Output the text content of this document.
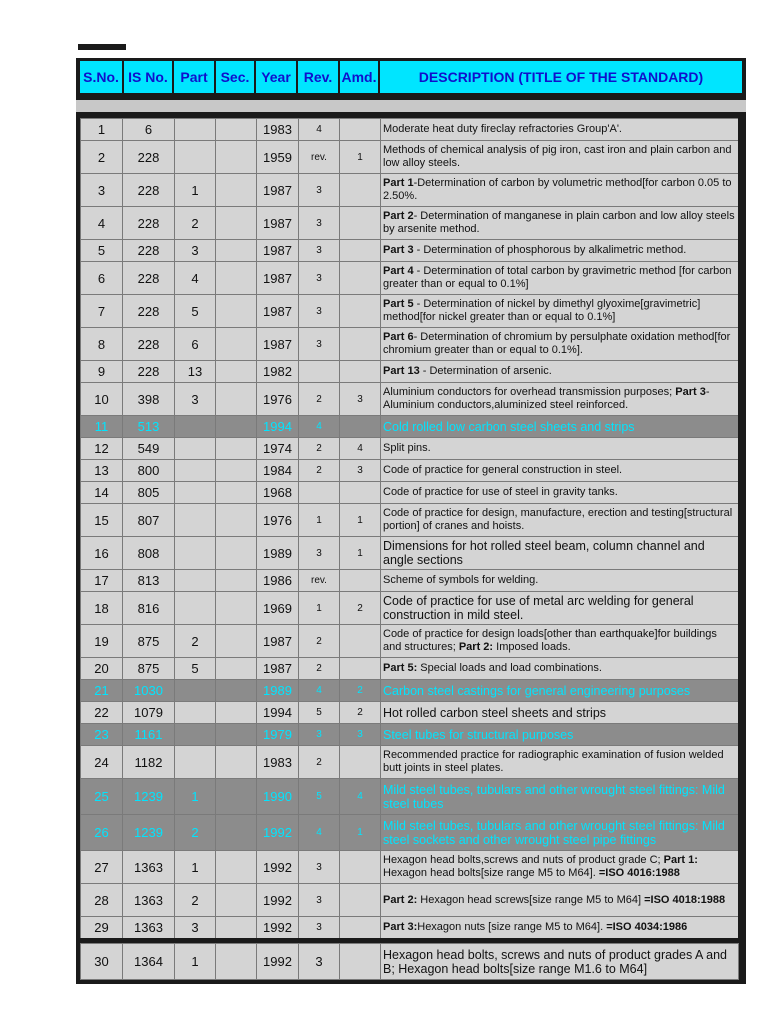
S.No. IS No. Part Sec. Year Rev. Amd.	DESCRIPTION (TITLE OF THE STANDARD)
1	6			1983	4		Moderate heat duty fireclay refractories Group'A'.
2	228			1959	rev.	1	Methods of chemical analysis of pig iron, cast iron and plain carbon and low alloy steels.
3	228	1		1987	3		Part 1-Determination of carbon by volumetric method[for carbon 0.05 to 2.50%.
4	228	2		1987	3		Part 2- Determination of manganese in plain carbon and low alloy steels by arsenite method.
5	228	3		1987	3		Part 3 - Determination of phosphorous by alkalimetric method.
6	228	4		1987	3		Part 4 - Determination of total carbon by gravimetric method [for carbon greater than or equal to 0.1%]
7	228	5		1987	3		Part 5 - Determination of nickel by dimethyl glyoxime[gravimetric] method[for nickel greater than or equal to 0.1%]
8	228	6		1987	3		Part 6- Determination of chromium by persulphate oxidation method[for chromium greater than or equal to 0.1%].
9	228	13		1982			Part 13 - Determination of arsenic.
10	398	3		1976	2	3	Aluminium conductors for overhead transmission purposes; Part 3- Aluminium conductors,aluminized steel reinforced.
11	513			1994	4		Cold rolled low carbon steel sheets and strips
12	549			1974	2	4	Split pins.
13	800			1984	2	3	Code of practice for general construction in steel.
14	805			1968			Code of practice for use of steel in gravity tanks.
15	807			1976	1	1	Code of practice for design, manufacture, erection and testing[structural portion] of cranes and hoists.
16	808			1989	3	1	Dimensions for hot rolled steel beam, column channel and angle sections
17	813			1986	rev.		Scheme of symbols for welding.
18	816			1969	1	2	Code of practice for use of metal arc welding for general construction in mild steel.
19	875	2		1987	2		Code of practice for design loads[other than earthquake]for buildings and structures; Part 2: Imposed loads.
20	875	5		1987	2		Part 5: Special loads and load combinations.
21	1030			1989	4	2	Carbon steel castings for general engineering purposes
22	1079			1994	5	2	Hot rolled carbon steel sheets and strips
23	1161			1979	3	3	Steel tubes for structural purposes
24	1182			1983	2		Recommended practice for radiographic examination of fusion welded butt joints in steel plates.
25	1239	1		1990	5	4	Mild steel tubes, tubulars and other wrought steel fittings: Mild steel tubes
26	1239	2		1992	4	1	Mild steel tubes, tubulars and other wrought steel fittings: Mild steel sockets and other wrought steel pipe fittings
27	1363	1		1992	3		Hexagon head bolts,screws and nuts of product grade C; Part 1: Hexagon head bolts[size range M5 to M64]. =ISO 4016:1988
28	1363	2		1992	3		Part 2: Hexagon head screws[size range M5 to M64] =ISO 4018:1988
29	1363	3		1992	3		Part 3:Hexagon nuts [size range M5 to M64]. =ISO 4034:1986
30	1364	1		1992	3		Hexagon head bolts, screws and nuts of product grades A and B; Hexagon head bolts[size range M1.6 to M64]
